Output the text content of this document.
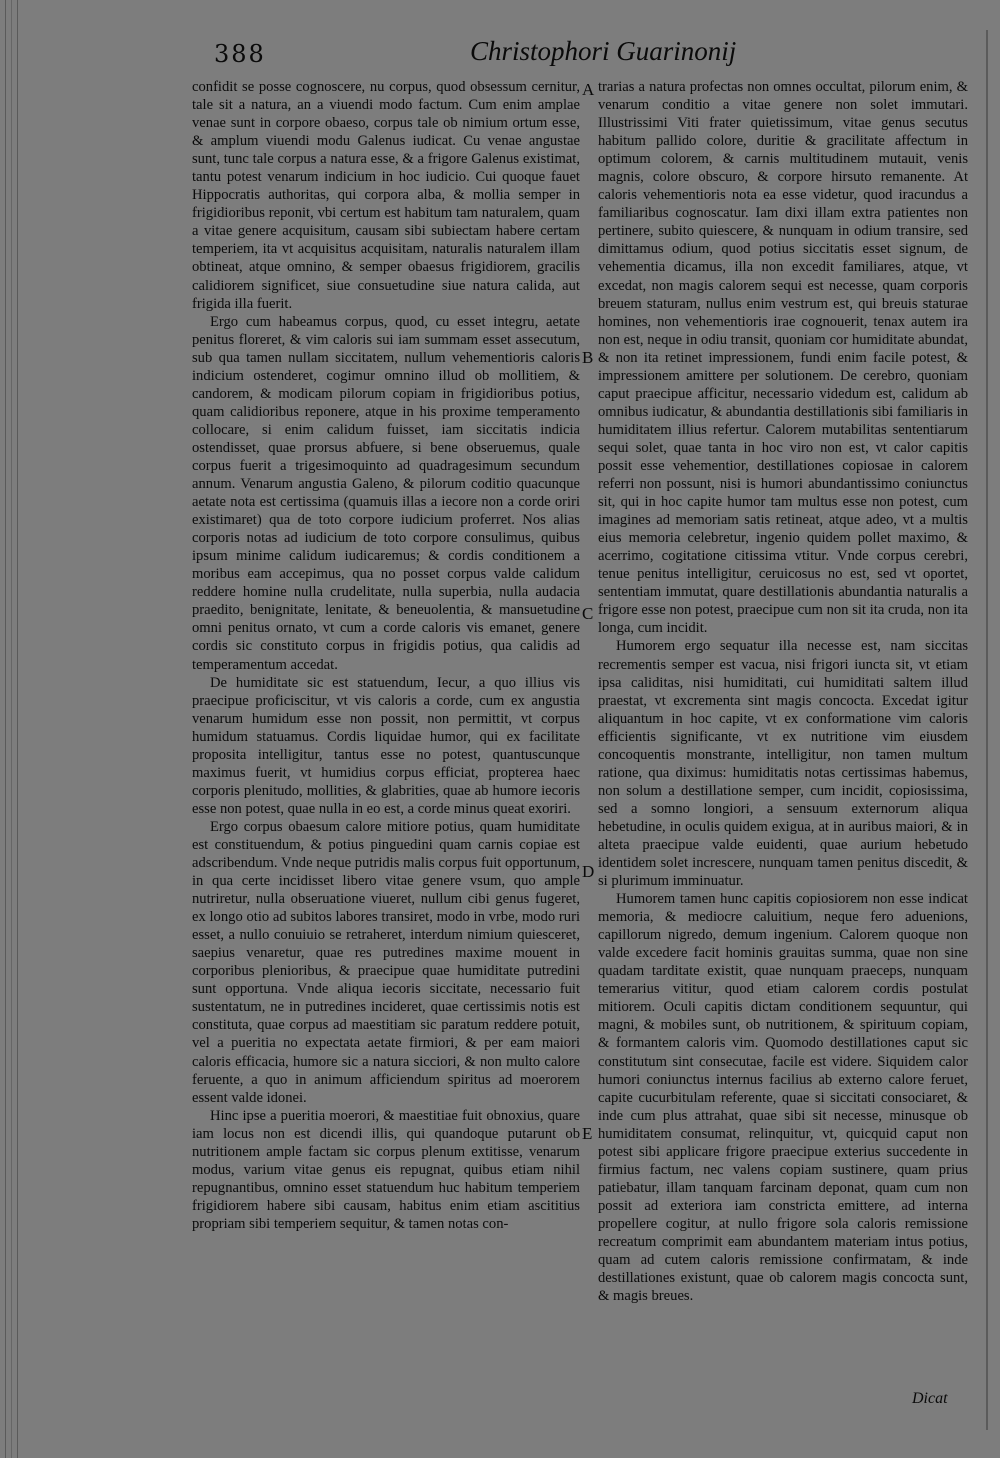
388	Christophori Guarinonij

confidit se posse cognoscere, nu corpus, quod obsessum cernitur, tale sit a natura, an a viuendi modo factum. Cum enim amplae venae sunt in corpore obaeso, corpus tale ob nimium ortum esse, & amplum viuendi modu Galenus iudicat. Cu venae angustae sunt, tunc tale corpus a natura esse, & a frigore Galenus existimat, tantu potest venarum indicium in hoc iudicio. Cui quoque fauet Hippocratis authoritas, qui corpora alba, & mollia semper in frigidioribus reponit, vbi certum est habitum tam naturalem, quam a vitae genere acquisitum, causam sibi subiectam habere certam temperiem, ita vt acquisitus acquisitam, naturalis naturalem illam obtineat, atque omnino, & semper obaesus frigidiorem, gracilis calidiorem significet, siue consuetudine siue natura calida, aut frigida illa fuerit.

Ergo cum habeamus corpus, quod, cu esset integru, aetate penitus floreret, & vim caloris sui iam summam esset assecutum, sub qua tamen nullam siccitatem, nullum vehementioris caloris indicium ostenderet, cogimur omnino illud ob mollitiem, & candorem, & modicam pilorum copiam in frigidioribus potius, quam calidioribus reponere, atque in his proxime temperamento collocare, si enim calidum fuisset, iam siccitatis indicia ostendisset, quae prorsus abfuere, si bene obseruemus, quale corpus fuerit a trigesimoquinto ad quadragesimum secundum annum. Venarum angustia Galeno, & pilorum coditio quacunque aetate nota est certissima (quamuis illas a iecore non a corde oriri existimaret) qua de toto corpore iudicium proferret. Nos alias corporis notas ad iudicium de toto corpore consulimus, quibus ipsum minime calidum iudicaremus; & cordis conditionem a moribus eam accepimus, qua no posset corpus valde calidum reddere homine nulla crudelitate, nulla superbia, nulla audacia praedito, benignitate, lenitate, & beneuolentia, & mansuetudine omni penitus ornato, vt cum a corde caloris vis emanet, genere cordis sic constituto corpus in frigidis potius, qua calidis ad temperamentum accedat.

De humiditate sic est statuendum, Iecur, a quo illius vis praecipue proficiscitur, vt vis caloris a corde, cum ex angustia venarum humidum esse non possit, non permittit, vt corpus humidum statuamus. Cordis liquidae humor, qui ex facilitate proposita intelligitur, tantus esse no potest, quantuscunque maximus fuerit, vt humidius corpus efficiat, propterea haec corporis plenitudo, mollities, & glabrities, quae ab humore iecoris esse non potest, quae nulla in eo est, a corde minus queat exoriri.

Ergo corpus obaesum calore mitiore potius, quam humiditate est constituendum, & potius pinguedini quam carnis copiae est adscribendum. Vnde neque putridis malis corpus fuit opportunum, in qua certe incidisset libero vitae genere vsum, quo ample nutriretur, nulla obseruatione viueret, nullum cibi genus fugeret, ex longo otio ad subitos labores transiret, modo in vrbe, modo ruri esset, a nullo conuiuio se retraheret, interdum nimium quiesceret, saepius venaretur, quae res putredines maxime mouent in corporibus plenioribus, & praecipue quae humiditate putredini sunt opportuna. Vnde aliqua iecoris siccitate, necessario fuit sustentatum, ne in putredines incideret, quae certissimis notis est constituta, quae corpus ad maestitiam sic paratum reddere potuit, vel a pueritia no expectata aetate firmiori, & per eam maiori caloris efficacia, humore sic a natura sicciori, & non multo calore feruente, a quo in animum afficiendum spiritus ad moerorem essent valde idonei.

Hinc ipse a pueritia moerori, & maestitiae fuit obnoxius, quare iam locus non est dicendi illis, qui quandoque putarunt ob nutritionem ample factam sic corpus plenum extitisse, venarum modus, varium vitae genus eis repugnat, quibus etiam nihil repugnantibus, omnino esset statuendum huc habitum temperiem frigidiorem habere sibi causam, habitus enim etiam ascititius propriam sibi temperiem sequitur, & tamen notas con-

A
B
C
D
E

trarias a natura profectas non omnes occultat, pilorum enim, & venarum conditio a vitae genere non solet immutari. Illustrissimi Viti frater quietissimum, vitae genus secutus habitum pallido colore, duritie & gracilitate affectum in optimum colorem, & carnis multitudinem mutauit, venis magnis, colore obscuro, & corpore hirsuto remanente. At caloris vehementioris nota ea esse videtur, quod iracundus a familiaribus cognoscatur. Iam dixi illam extra patientes non pertinere, subito quiescere, & nunquam in odium transire, sed dimittamus odium, quod potius siccitatis esset signum, de vehementia dicamus, illa non excedit familiares, atque, vt excedat, non magis calorem sequi est necesse, quam corporis breuem staturam, nullus enim vestrum est, qui breuis staturae homines, non vehementioris irae cognouerit, tenax autem ira non est, neque in odiu transit, quoniam cor humiditate abundat, & non ita retinet impressionem, fundi enim facile potest, & impressionem amittere per solutionem. De cerebro, quoniam caput praecipue afficitur, necessario videdum est, calidum ab omnibus iudicatur, & abundantia destillationis sibi familiaris in humiditatem illius refertur. Calorem mutabilitas sententiarum sequi solet, quae tanta in hoc viro non est, vt calor capitis possit esse vehementior, destillationes copiosae in calorem referri non possunt, nisi is humori abundantissimo coniunctus sit, qui in hoc capite humor tam multus esse non potest, cum imagines ad memoriam satis retineat, atque adeo, vt a multis eius memoria celebretur, ingenio quidem pollet maximo, & acerrimo, cogitatione citissima vtitur. Vnde corpus cerebri, tenue penitus intelligitur, ceruicosus no est, sed vt oportet, sententiam immutat, quare destillationis abundantia naturalis a frigore esse non potest, praecipue cum non sit ita cruda, non ita longa, cum incidit.

Humorem ergo sequatur illa necesse est, nam siccitas recrementis semper est vacua, nisi frigori iuncta sit, vt etiam ipsa caliditas, nisi humiditati, cui humiditati saltem illud praestat, vt excrementa sint magis concocta. Excedat igitur aliquantum in hoc capite, vt ex conformatione vim caloris efficientis significante, vt ex nutritione vim eiusdem concoquentis monstrante, intelligitur, non tamen multum ratione, qua diximus: humiditatis notas certissimas habemus, non solum a destillatione semper, cum incidit, copiosissima, sed a somno longiori, a sensuum externorum aliqua hebetudine, in oculis quidem exigua, at in auribus maiori, & in alteta praecipue valde euidenti, quae aurium hebetudo identidem solet increscere, nunquam tamen penitus discedit, & si plurimum imminuatur.

Humorem tamen hunc capitis copiosiorem non esse indicat memoria, & mediocre caluitium, neque fero aduenions, capillorum nigredo, demum ingenium. Calorem quoque non valde excedere facit hominis grauitas summa, quae non sine quadam tarditate existit, quae nunquam praeceps, nunquam temerarius vititur, quod etiam calorem cordis postulat mitiorem. Oculi capitis dictam conditionem sequuntur, qui magni, & mobiles sunt, ob nutritionem, & spirituum copiam, & formantem caloris vim. Quomodo destillationes caput sic constitutum sint consecutae, facile est videre. Siquidem calor humori coniunctus internus facilius ab externo calore feruet, capite cucurbitulam referente, quae si siccitati consociaret, & inde cum plus attrahat, quae sibi sit necesse, minusque ob humiditatem consumat, relinquitur, vt, quicquid caput non potest sibi applicare frigore praecipue exterius succedente in firmius factum, nec valens copiam sustinere, quam prius patiebatur, illam tanquam farcinam deponat, quam cum non possit ad exteriora iam constricta emittere, ad interna propellere cogitur, at nullo frigore sola caloris remissione recreatum comprimit eam abundantem materiam intus potius, quam ad cutem caloris remissione confirmatam, & inde destillationes existunt, quae ob calorem magis concocta sunt, & magis breues.

Dicat
